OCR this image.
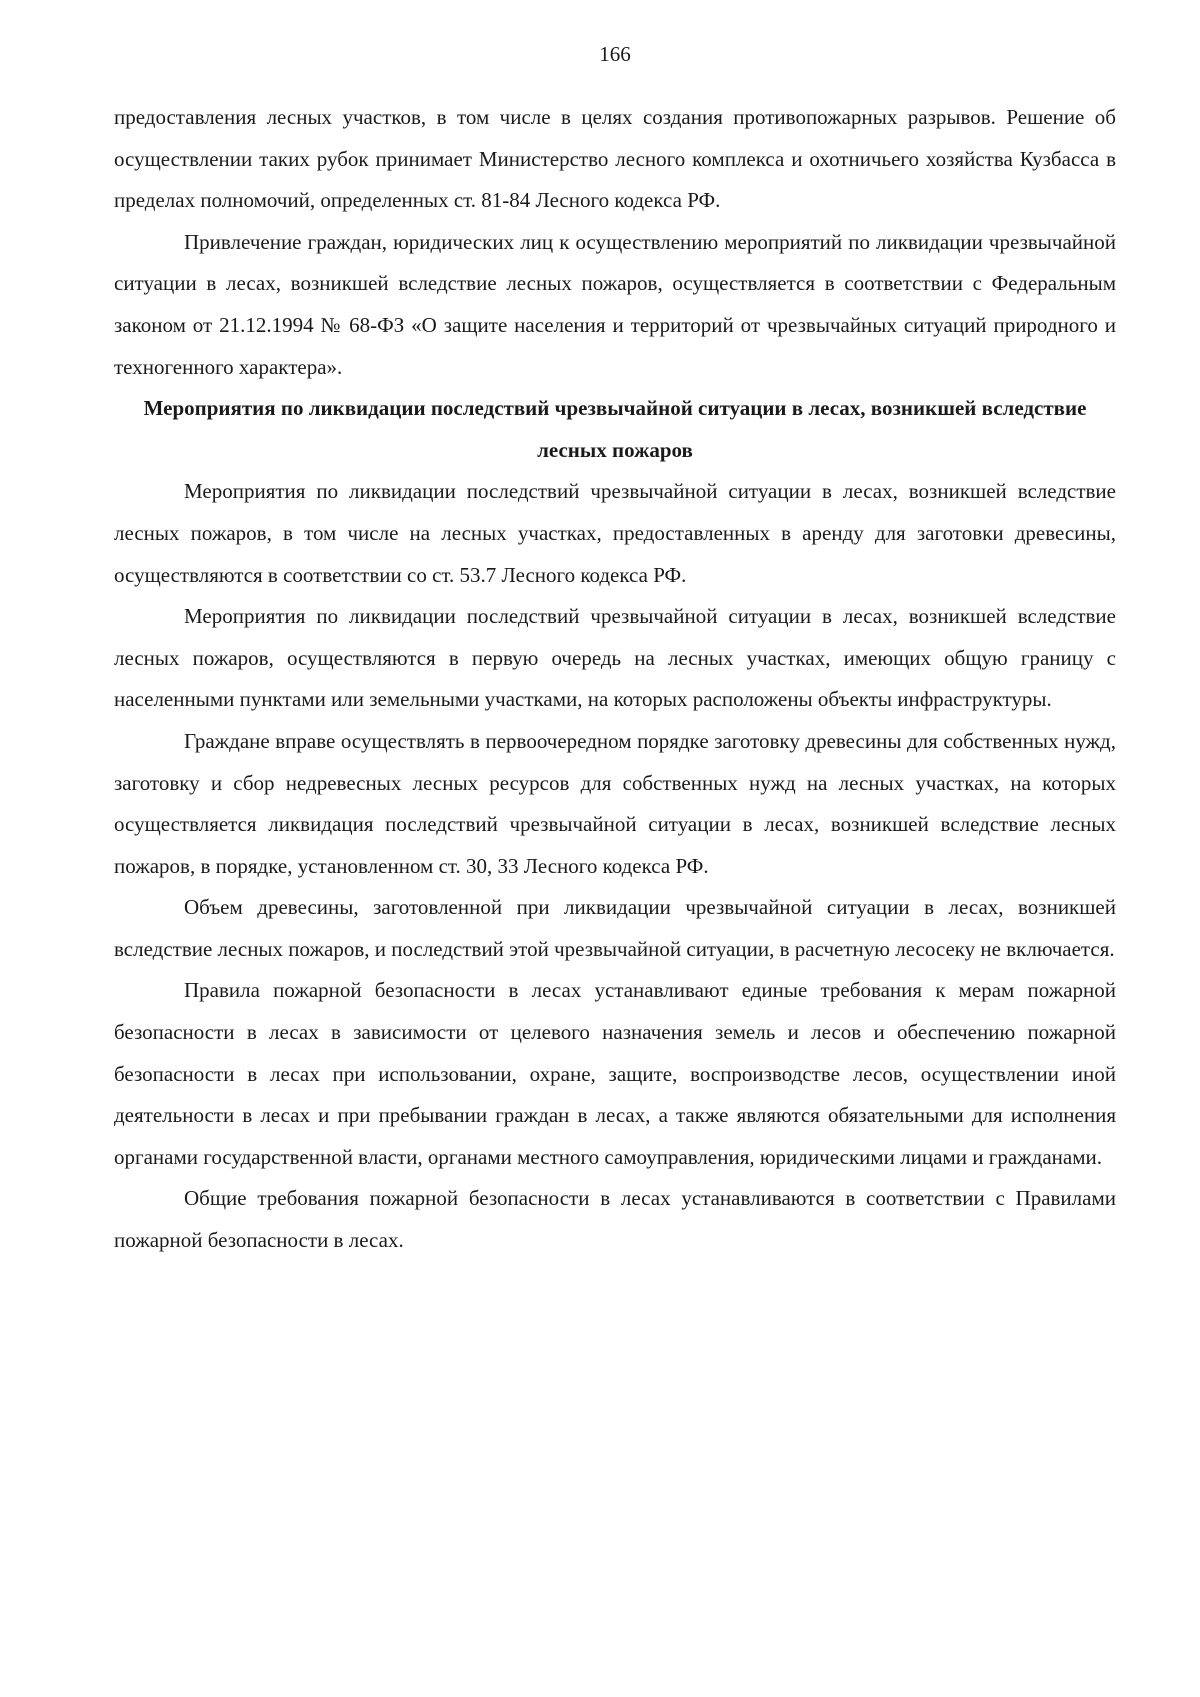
166

предоставления лесных участков, в том числе в целях создания противопожарных разрывов. Решение об осуществлении таких рубок принимает Министерство лесного комплекса и охотничьего хозяйства Кузбасса в пределах полномочий, определенных ст. 81-84 Лесного кодекса РФ.

Привлечение граждан, юридических лиц к осуществлению мероприятий по ликвидации чрезвычайной ситуации в лесах, возникшей вследствие лесных пожаров, осуществляется в соответствии с Федеральным законом от 21.12.1994 № 68-ФЗ «О защите населения и территорий от чрезвычайных ситуаций природного и техногенного характера».

Мероприятия по ликвидации последствий чрезвычайной ситуации в лесах, возникшей вследствие лесных пожаров

Мероприятия по ликвидации последствий чрезвычайной ситуации в лесах, возникшей вследствие лесных пожаров, в том числе на лесных участках, предоставленных в аренду для заготовки древесины, осуществляются в соответствии со ст. 53.7 Лесного кодекса РФ.

Мероприятия по ликвидации последствий чрезвычайной ситуации в лесах, возникшей вследствие лесных пожаров, осуществляются в первую очередь на лесных участках, имеющих общую границу с населенными пунктами или земельными участками, на которых расположены объекты инфраструктуры.

Граждане вправе осуществлять в первоочередном порядке заготовку древесины для собственных нужд, заготовку и сбор недревесных лесных ресурсов для собственных нужд на лесных участках, на которых осуществляется ликвидация последствий чрезвычайной ситуации в лесах, возникшей вследствие лесных пожаров, в порядке, установленном ст. 30, 33 Лесного кодекса РФ.

Объем древесины, заготовленной при ликвидации чрезвычайной ситуации в лесах, возникшей вследствие лесных пожаров, и последствий этой чрезвычайной ситуации, в расчетную лесосеку не включается.

Правила пожарной безопасности в лесах устанавливают единые требования к мерам пожарной безопасности в лесах в зависимости от целевого назначения земель и лесов и обеспечению пожарной безопасности в лесах при использовании, охране, защите, воспроизводстве лесов, осуществлении иной деятельности в лесах и при пребывании граждан в лесах, а также являются обязательными для исполнения органами государственной власти, органами местного самоуправления, юридическими лицами и гражданами.

Общие требования пожарной безопасности в лесах устанавливаются в соответствии с Правилами пожарной безопасности в лесах.
